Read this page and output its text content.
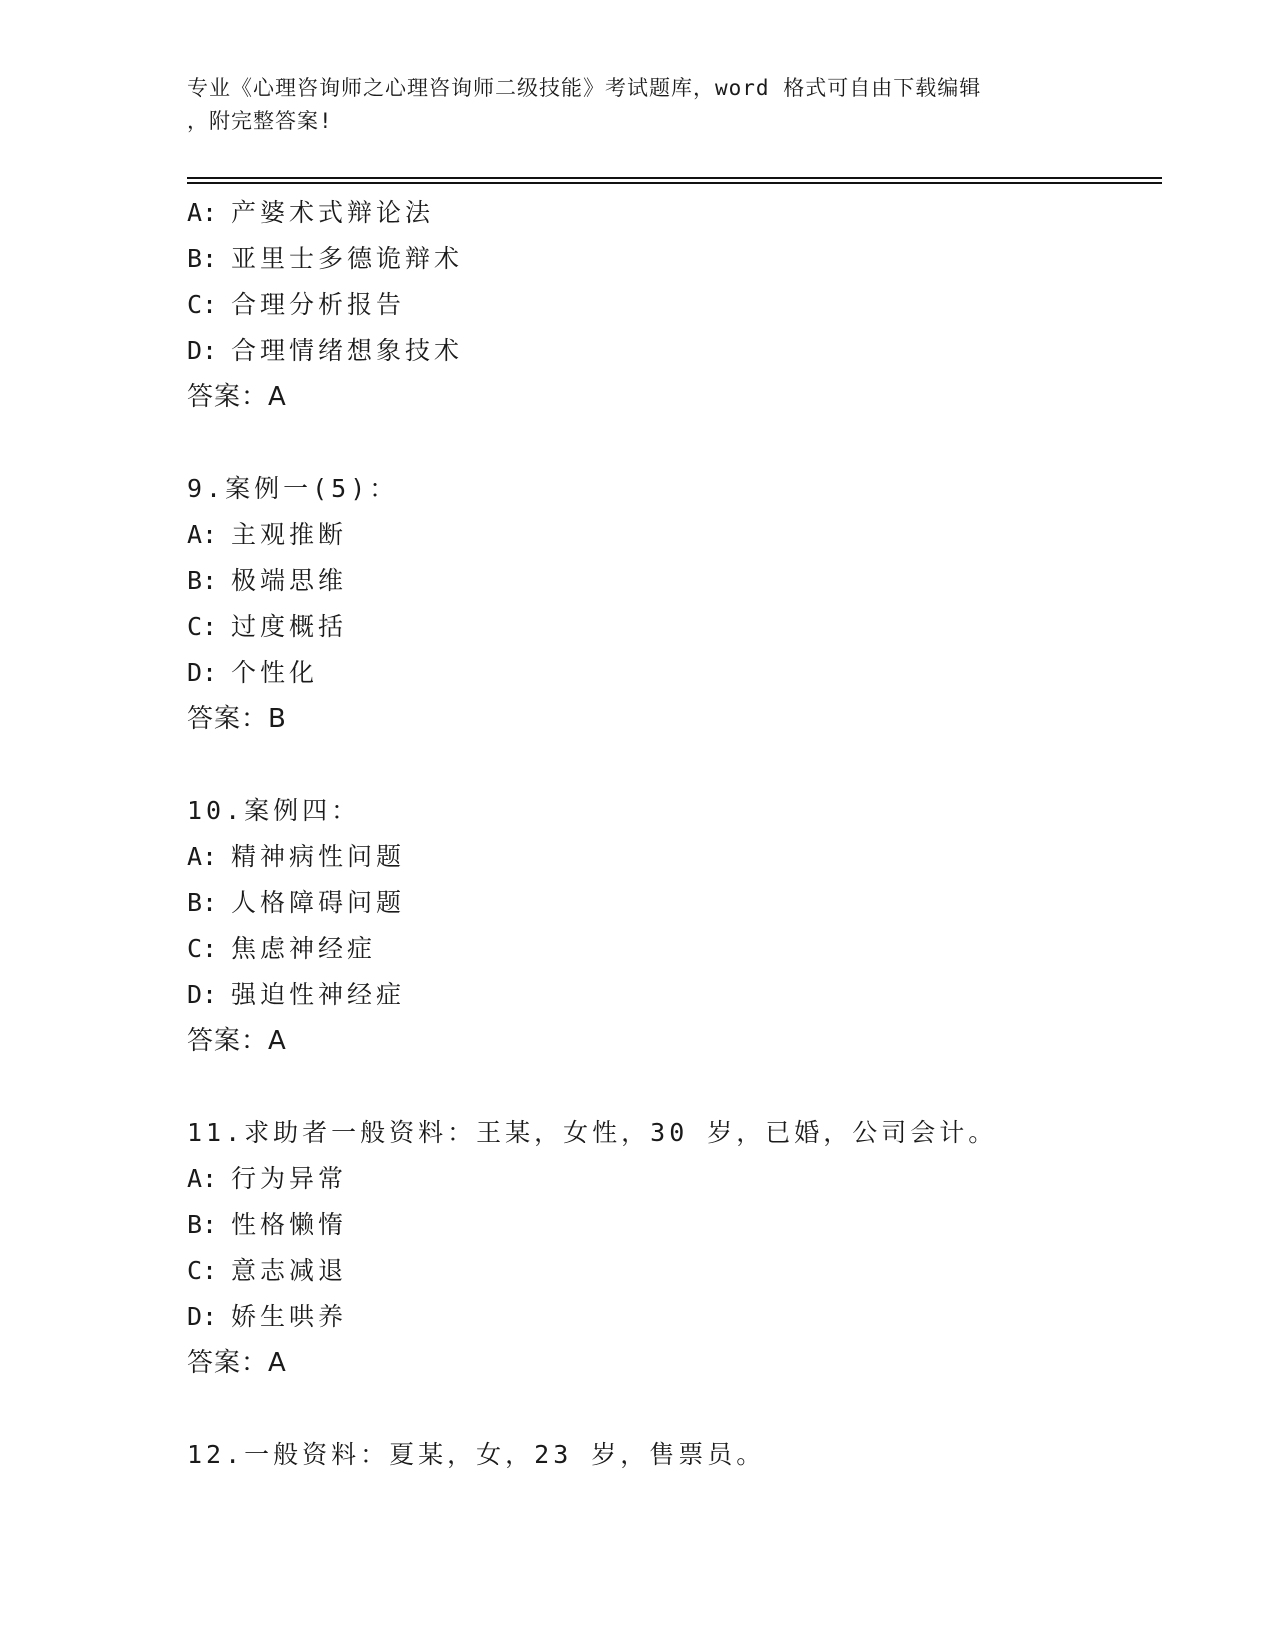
专业《心理咨询师之心理咨询师二级技能》考试题库，word 格式可自由下载编辑
，附完整答案!
A: 产婆术式辩论法
B: 亚里士多德诡辩术
C: 合理分析报告
D: 合理情绪想象技术
答案：A
9.案例一(5)：
A: 主观推断
B: 极端思维
C: 过度概括
D: 个性化
答案：B
10.案例四：
A: 精神病性问题
B: 人格障碍问题
C: 焦虑神经症
D: 强迫性神经症
答案：A
11.求助者一般资料：王某，女性，30 岁，已婚，公司会计。
A: 行为异常
B: 性格懒惰
C: 意志减退
D: 娇生哄养
答案：A
12.一般资料：夏某，女，23 岁，售票员。
